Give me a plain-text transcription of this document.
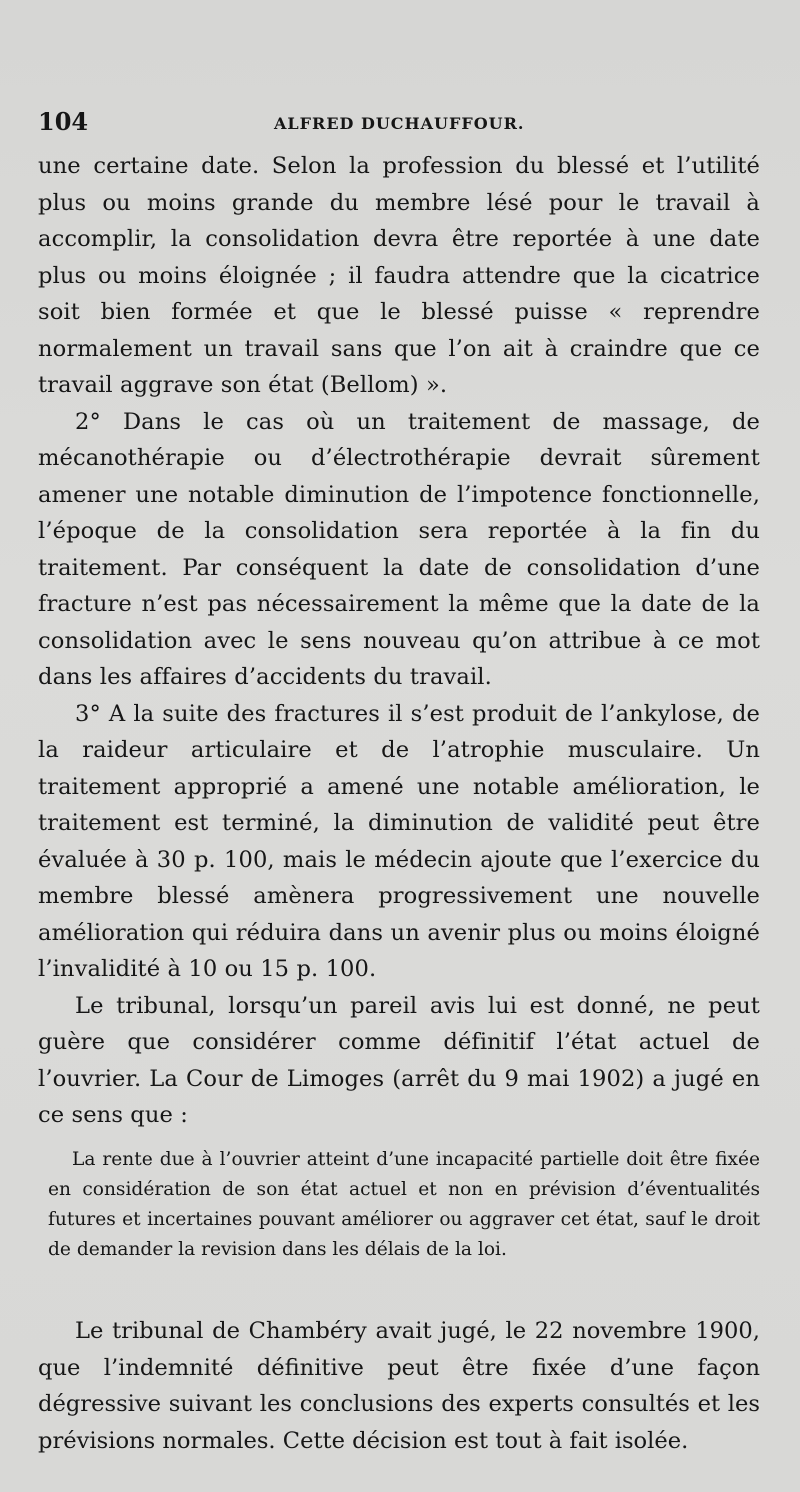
104	ALFRED DUCHAUFFOUR.

une certaine date. Selon la profession du blessé et l’utilité plus ou moins grande du membre lésé pour le travail à accomplir, la consolidation devra être reportée à une date plus ou moins éloignée ; il faudra attendre que la cicatrice soit bien formée et que le blessé puisse « reprendre normalement un travail sans que l’on ait à craindre que ce travail aggrave son état (Bellom) ».

2° Dans le cas où un traitement de massage, de mécanothérapie ou d’électrothérapie devrait sûrement amener une notable diminution de l’impotence fonctionnelle, l’époque de la consolidation sera reportée à la fin du traitement. Par conséquent la date de consolidation d’une fracture n’est pas nécessairement la même que la date de la consolidation avec le sens nouveau qu’on attribue à ce mot dans les affaires d’accidents du travail.

3° A la suite des fractures il s’est produit de l’ankylose, de la raideur articulaire et de l’atrophie musculaire. Un traitement approprié a amené une notable amélioration, le traitement est terminé, la diminution de validité peut être évaluée à 30 p. 100, mais le médecin ajoute que l’exercice du membre blessé amènera progressivement une nouvelle amélioration qui réduira dans un avenir plus ou moins éloigné l’invalidité à 10 ou 15 p. 100.

Le tribunal, lorsqu’un pareil avis lui est donné, ne peut guère que considérer comme définitif l’état actuel de l’ouvrier. La Cour de Limoges (arrêt du 9 mai 1902) a jugé en ce sens que :

La rente due à l’ouvrier atteint d’une incapacité partielle doit être fixée en considération de son état actuel et non en prévision d’éventualités futures et incertaines pouvant améliorer ou aggraver cet état, sauf le droit de demander la revision dans les délais de la loi.

Le tribunal de Chambéry avait jugé, le 22 novembre 1900, que l’indemnité définitive peut être fixée d’une façon dégressive suivant les conclusions des experts consultés et les prévisions normales. Cette décision est tout à fait isolée.
